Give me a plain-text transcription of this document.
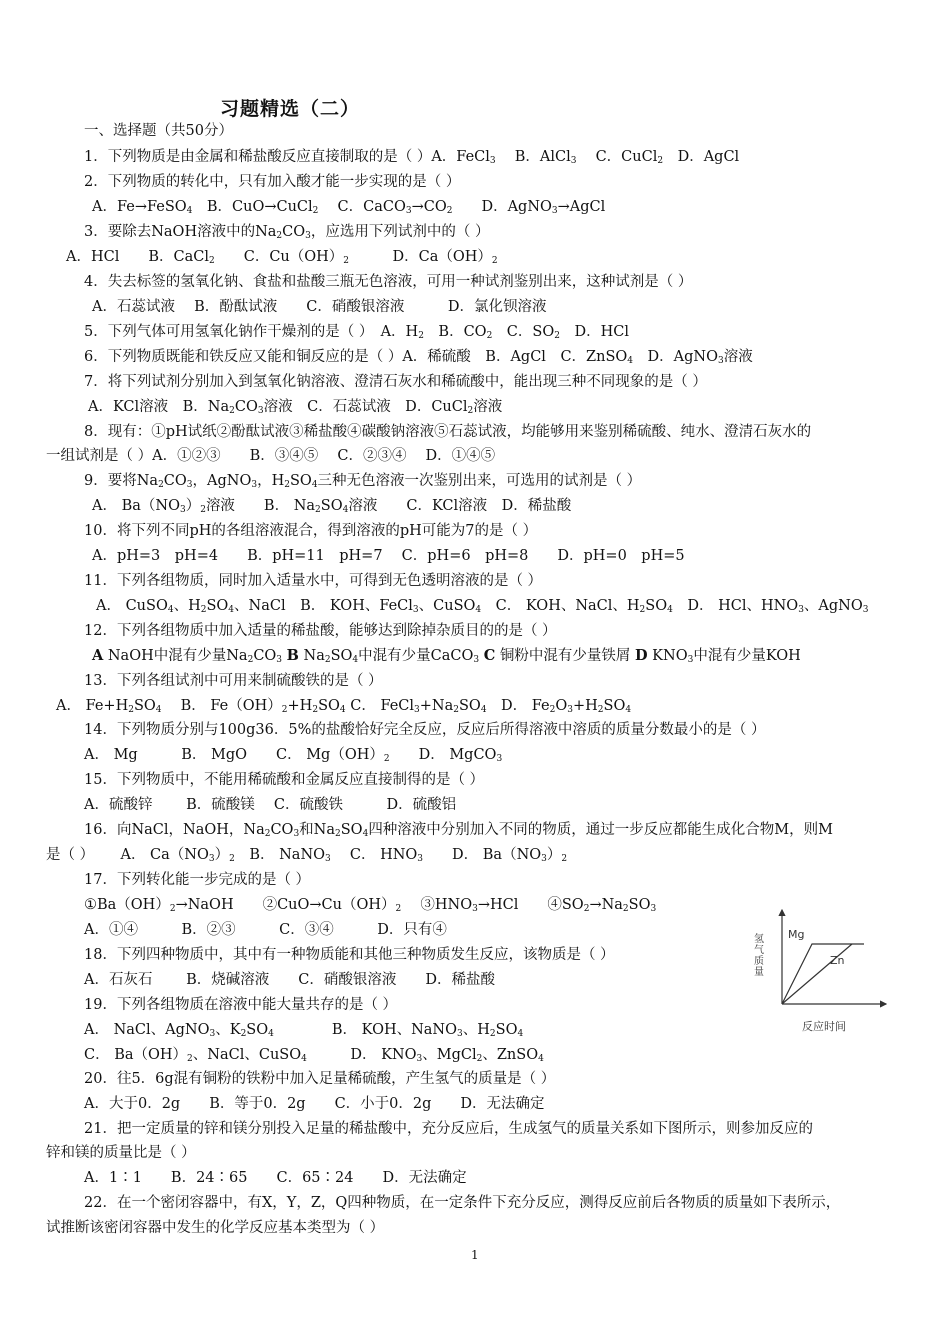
习题精选（二）
一、选择题（共50分）
1．下列物质是由金属和稀盐酸反应直接制取的是（ ）A．FeCl$_3$　 B．AlCl$_3$　 C．CuCl$_2$　D．AgCl
2．下列物质的转化中，只有加入酸才能一步实现的是（ ）
A．Fe→FeSO$_4$　B．CuO→CuCl$_2$　 C．$CaCO_3\to CO_2$　　D．AgNO$_3$→AgCl
3．要除去NaOH溶液中的$Na_2CO_3$，应选用下列试剂中的（ ）
A．HCl　　B．CaCl$_2$　　C．$Cu(OH)_2$　　　D．$Ca(OH)_2$
4．失去标签的氢氧化钠、食盐和盐酸三瓶无色溶液，可用一种试剂鉴别出来，这种试剂是（ ）
A．石蕊试液　 B．酚酞试液　　C．硝酸银溶液　　　D．氯化钡溶液
5．下列气体可用氢氧化钠作干燥剂的是（ ）　A．$H_2$　B．$CO_2$　C．$SO_2$　D．HCl
6．下列物质既能和铁反应又能和铜反应的是（ ）A．稀硫酸　B．AgCl　C．ZnSO$_4$　D．AgNO$_3$溶液
7．将下列试剂分别加入到氢氧化钠溶液、澄清石灰水和稀硫酸中，能出现三种不同现象的是（ ）
A．KCl溶液　B．$Na_2CO_3$溶液　C．石蕊试液　D．CuCl$_2$溶液
8．现有：①pH试纸②酚酞试液③稀盐酸④碳酸钠溶液⑤石蕊试液，均能够用来鉴别稀硫酸、纯水、澄清石灰水的
一组试剂是（ ）A．①②③　　B．③④⑤　 C．②③④　 D．①④⑤
9．要将$Na_2CO_3$，AgNO$_3$，$H_2SO_4$三种无色溶液一次鉴别出来，可选用的试剂是（ ）
A． $Ba(NO_3)_2$溶液　　B． $Na_2SO_4$溶液　　C．KCl溶液　D．稀盐酸
10．将下列不同pH的各组溶液混合，得到溶液的pH可能为7的是（ ）
A．pH=3　pH=4　　B．pH=11　pH=7　 C．pH=6　pH=8　　D．pH=0　pH=5
11．下列各组物质，同时加入适量水中，可得到无色透明溶液的是（ ）
A． CuSO$_4$、$H_2SO_4$、NaCl　B． KOH、FeCl$_3$、CuSO$_4$　C． KOH、NaCl、$H_2SO_4$　D． HCl、$HNO_3$、AgNO$_3$
12．下列各组物质中加入适量的稀盐酸，能够达到除掉杂质目的的是（ ）
A NaOH中混有少量$Na_2CO_3$ B $Na_2SO_4$中混有少量CaCO$_3$ C 铜粉中混有少量铁屑 D $KNO_3$中混有少量KOH
13．下列各组试剂中可用来制硫酸铁的是（ ）
A． $Fe+H_2SO_4$　 B． $Fe(OH)_2+H_2SO_4$ C． $FeCl_3+Na_2SO_4$　D． $Fe_2O_3+H_2SO_4$
14．下列物质分别与100g36．5%的盐酸恰好完全反应，反应后所得溶液中溶质的质量分数最小的是（ ）
A． Mg　　　B． MgO　　C． $Mg(OH)_2$　　D． MgCO$_3$
15．下列物质中，不能用稀硫酸和金属反应直接制得的是（ ）
A．硫酸锌　　 B．硫酸镁　 C．硫酸铁　　　D．硫酸铝
16．向NaCl，NaOH，$Na_2CO_3$和$Na_2SO_4$四种溶液中分别加入不同的物质，通过一步反应都能生成化合物M，则M
是（ ）　　 A． $Ca(NO_3)_2$　B． NaNO$_3$　 C． $HNO_3$　　D． $Ba(NO_3)_2$
17．下列转化能一步完成的是（ ）
$①Ba(OH)_2\to NaOH$　　$②CuO\to Cu(OH)_2$　 $③HNO_3\to HCl$　　$④SO_2\to Na_2SO_3$
A．①④　　　B．②③　　　C．③④　　　D．只有④
18．下列四种物质中，其中有一种物质能和其他三种物质发生反应，该物质是（ ）
A．石灰石　　 B．烧碱溶液　　C．硝酸银溶液　　D．稀盐酸
19．下列各组物质在溶液中能大量共存的是（ ）
A． NaCl、AgNO$_3$、$K_2SO_4$　　　　B． KOH、NaNO$_3$、$H_2SO_4$
C． $Ba(OH)_2$、NaCl、CuSO$_4$　　　D． $KNO_3$、MgCl$_2$、ZnSO$_4$
20．往5．6g混有铜粉的铁粉中加入足量稀硫酸，产生氢气的质量是（ ）
A．大于0．2g　　B．等于0．2g　　C．小于0．2g　　D．无法确定
21．把一定质量的锌和镁分别投入足量的稀盐酸中，充分反应后，生成氢气的质量关系如下图所示，则参加反应的
锌和镁的质量比是（ ）
A．1∶1　　B．24∶65　　C．65∶24　　D．无法确定
22．在一个密闭容器中，有X，Y，Z，Q四种物质，在一定条件下充分反应，测得反应前后各物质的质量如下表所示，
试推断该密闭容器中发生的化学反应基本类型为（ ）
Mg
Zn
氢气质量
反应时间
1
